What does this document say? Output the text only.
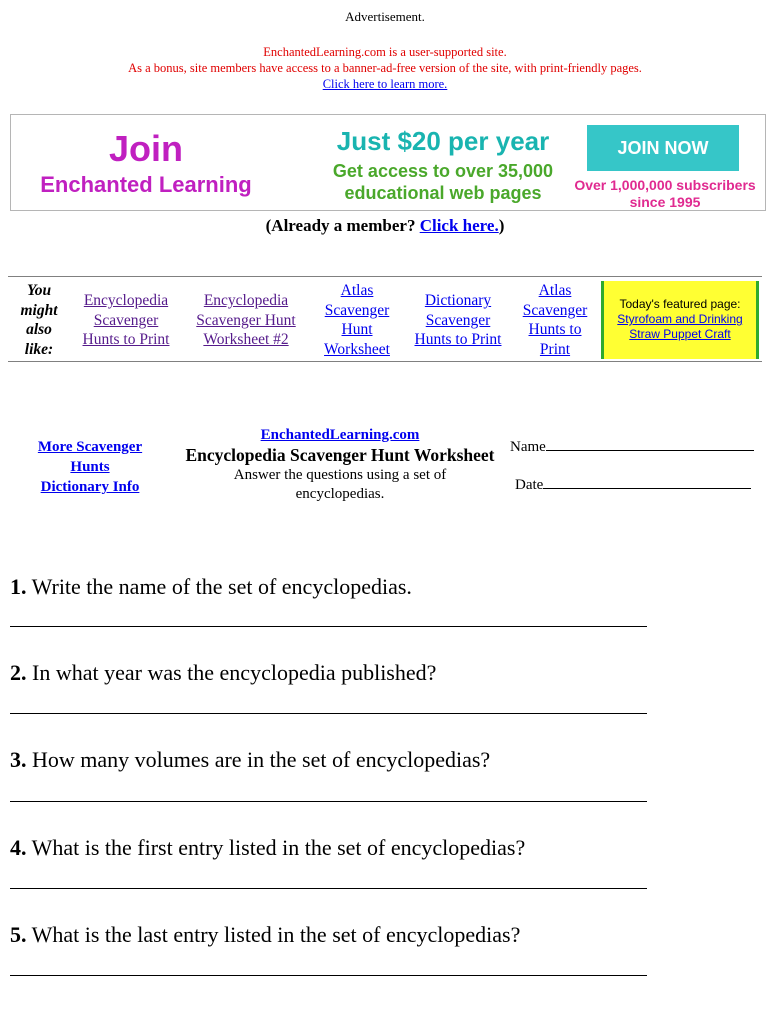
Advertisement.
EnchantedLearning.com is a user-supported site.
As a bonus, site members have access to a banner-ad-free version of the site, with print-friendly pages.
Click here to learn more.
Join
Enchanted Learning
Just $20 per year
Get access to over 35,000
educational web pages
JOIN NOW
Over 1,000,000 subscribers
since 1995
(Already a member? Click here.)
You
might
also
like:
Encyclopedia
Scavenger
Hunts to Print
Encyclopedia
Scavenger Hunt
Worksheet #2
Atlas
Scavenger
Hunt
Worksheet
Dictionary
Scavenger
Hunts to Print
Atlas
Scavenger
Hunts to
Print
Today's featured page:
Styrofoam and Drinking
Straw Puppet Craft
More Scavenger
Hunts
Dictionary Info
EnchantedLearning.com
Encyclopedia Scavenger Hunt Worksheet
Answer the questions using a set of encyclopedias.
Name
Date
1. Write the name of the set of encyclopedias.
2. In what year was the encyclopedia published?
3. How many volumes are in the set of encyclopedias?
4. What is the first entry listed in the set of encyclopedias?
5. What is the last entry listed in the set of encyclopedias?
